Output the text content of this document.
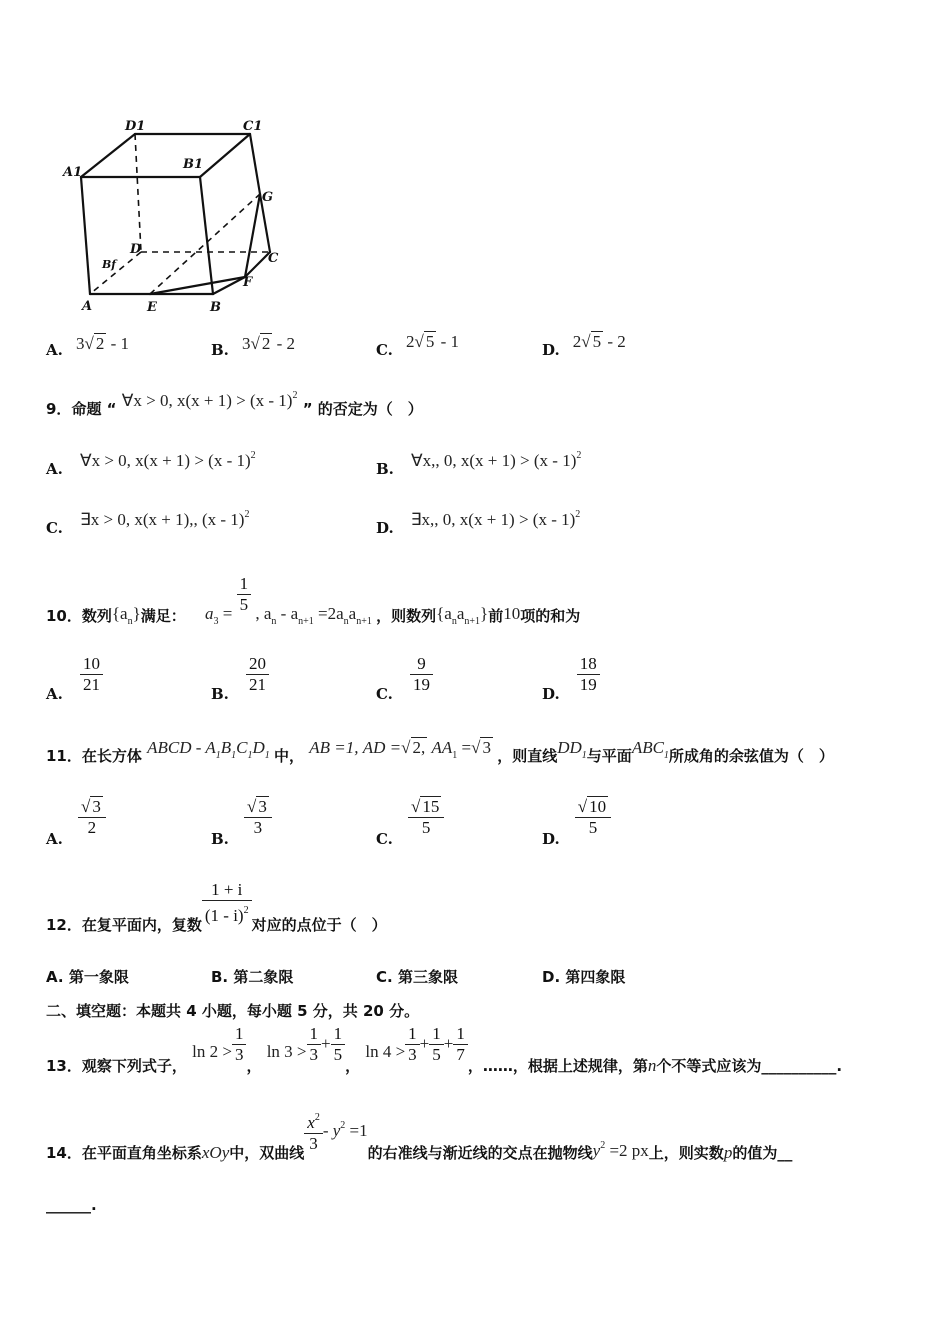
D1	C1
A1
B1
G
D
C
Bf
F
A	E	B
A. 3√ 2 - 1	B. 3√ 2 - 2	C. 2√ 5 - 1	D. 2√ 5 - 2
9．命题 “ ∀x > 0, x(x + 1) > (x - 1)$^2$ ” 的否定为（　）
A. ∀x > 0, x(x + 1) > (x - 1)$^2$
B. ∀x,, 0, x(x + 1) > (x - 1)$^2$
C. ∃x > 0, x(x + 1),, (x - 1)$^2$
D. ∃x,, 0, x(x + 1) > (x - 1)$^2$
10．数列$\{a_n\}$满足： $a_3 = \frac{1}{5}$ , $a_n - a_{n+1} =2a_na_{n+1}$ ，则数列$\{a_na_{n+1}\}$前10项的和为
A. $\frac{10}{21}$	B. $\frac{20}{21}$	C. $\frac{9}{19}$	D. $\frac{18}{19}$
11．在长方体 ABCD - $A_1B_1C_1D_1$ 中， AB =1, AD =√ 2, $AA_1$ =√ 3 ，则直线$DD_1$与平面$ABC_1$所成角的余弦值为（　）
A.
$\frac{√ 3}{2}$
B.
$\frac{√ 3}{3}$
C.
$\frac{√ 15}{5}$
D.
$\frac{√ 10}{5}$
12．在复平面内，复数 $\frac{1 + i}{(1 - i)^2}$ 对应的点位于（　）
A. 第一象限	B. 第二象限	C. 第三象限	D. 第四象限
二、填空题：本题共 4 小题，每小题 5 分，共 20 分。
13．观察下列式子， $\ln 2 > \frac{1}{3}$
， $\ln 3 > \frac{1}{3} + \frac{1}{5}$
， $\ln 4 > \frac{1}{3} + \frac{1}{5} + \frac{1}{7}$
，……，根据上述规律，第n个不等式应该为__________.
14．在平面直角坐标系xOy中，双曲线 $\frac{x^2}{3} - y^2 =1$的右准线与渐近线的交点在抛物线$y^2 =2$ px上，则实数p的值为__
______.
